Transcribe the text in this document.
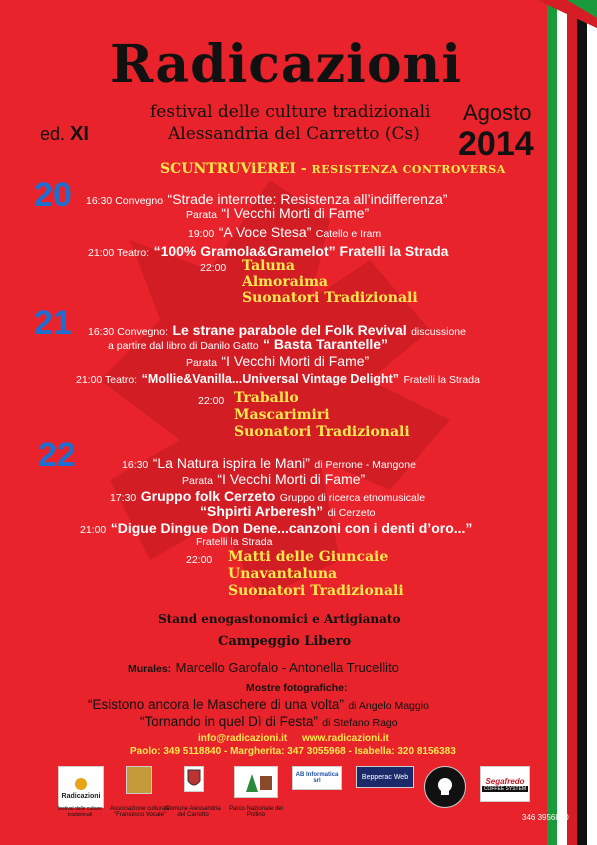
Radicazioni
festival delle culture tradizionali
Alessandria del Carretto (Cs)
Agosto
2014
ed. XI
SCUNTRUViEREI - RESISTENZA CONTROVERSA
20 16:30 Convegno “Strade interrotte: Resistenza all’indifferenza”
Parata “I Vecchi Morti di Fame”
19:00 “A Voce Stesa” Catello e Iram
21:00 Teatro: “100% Gramola&Gramelot” Fratelli la Strada
22:00 Taluna
Almoraima
Suonatori Tradizionali
21 16:30 Convegno: Le strane parabole del Folk Revival discussione
a partire dal libro di Danilo Gatto “ Basta Tarantelle”
Parata “I Vecchi Morti di Fame”
21:00 Teatro: “Mollie&Vanilla...Universal Vintage Delight” Fratelli la Strada
22:00 Traballo
Mascarimiri
Suonatori Tradizionali
22	16:30 “La Natura ispira le Mani” di Perrone - Mangone
Parata “I Vecchi Morti di Fame”
17:30 Gruppo folk Cerzeto Gruppo di ricerca etnomusicale
“Shpirti Arberesh” di Cerzeto
21:00 “Digue Dingue Don Dene...canzoni con i denti d’oro...”
Fratelli la Strada
22:00 Matti delle Giuncaie
Unavantaluna
Suonatori Tradizionali
Stand enogastonomici e Artigianato
Campeggio Libero
Murales: Marcello Garofalo - Antonella Trucellito
Mostre fotografiche:
“Esistono ancora le Maschere di una volta” di Angelo Maggio
“Tornando in quel Dì di Festa” di Stefano Rago
info@radicazioni.it www.radicazioni.it
Paolo: 349 5118840 - Margherita: 347 3055968 - Isabella: 320 8156383
Radicazioni
festival delle culture tradizionali
Associazione culturale "Francesco Vocale"
Comune Alessandria del Carretto
Parco Nazionale del Pollino
AB Informatica srl
Bepperac Web	Segafredo
COFFEE SYSTEM
346 3956840
